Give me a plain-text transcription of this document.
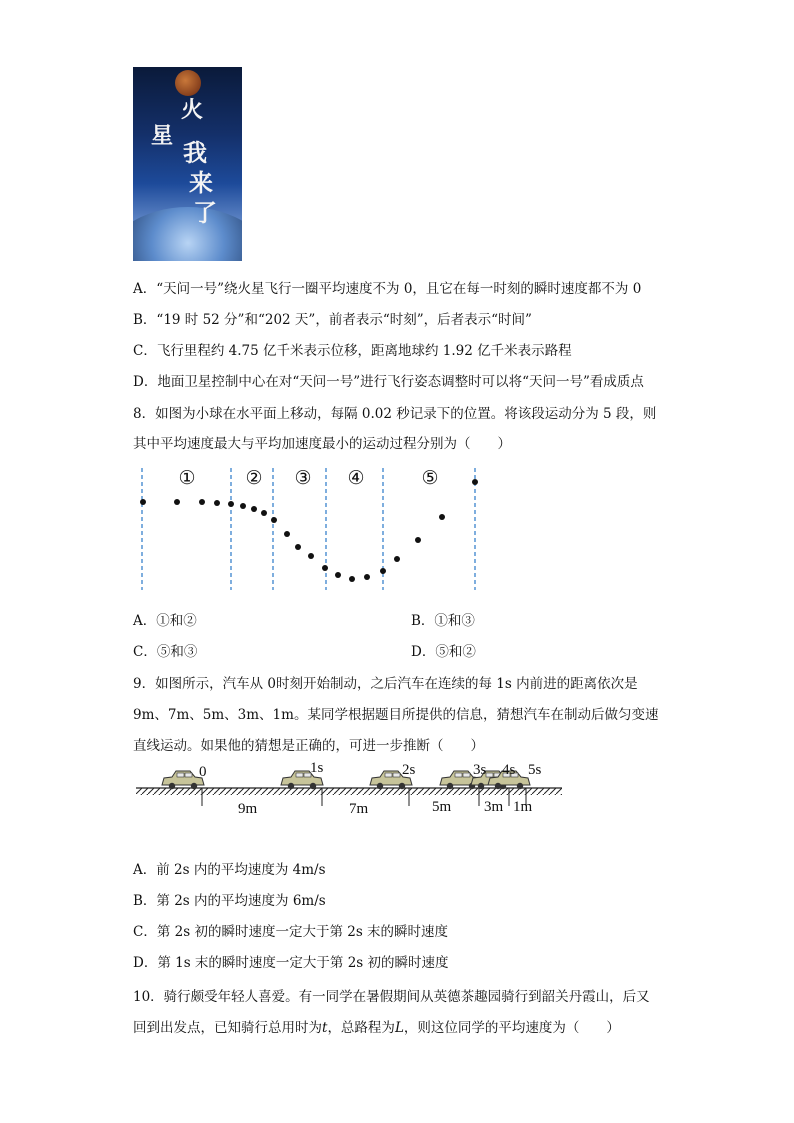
火
星
我
来
了
A．“天问一号”绕火星飞行一圈平均速度不为 0，且它在每一时刻的瞬时速度都不为 0
B．“19 时 52 分”和“202 天”，前者表示“时刻”，后者表示“时间”
C．飞行里程约 4.75 亿千米表示位移，距离地球约 1.92 亿千米表示路程
D．地面卫星控制中心在对“天问一号”进行飞行姿态调整时可以将“天问一号”看成质点
8．如图为小球在水平面上移动，每隔 0.02 秒记录下的位置。将该段运动分为 5 段，则
其中平均速度最大与平均加速度最小的运动过程分别为（　　）
①	② ③ ④	⑤
A．①和②	B．①和③
C．⑤和③	D．⑤和②
9．如图所示，汽车从 0时刻开始制动，之后汽车在连续的每 1s 内前进的距离依次是
9m、7m、5m、3m、1m。某同学根据题目所提供的信息，猜想汽车在制动后做匀变速
直线运动。如果他的猜想是正确的，可进一步推断（　　）
0	1s	2s	3s 4s 5s
9m	7m	5m 3m 1m
A．前 2s 内的平均速度为 4m/s
B．第 2s 内的平均速度为 6m/s
C．第 2s 初的瞬时速度一定大于第 2s 末的瞬时速度
D．第 1s 末的瞬时速度一定大于第 2s 初的瞬时速度
10．骑行颇受年轻人喜爱。有一同学在暑假期间从英德茶趣园骑行到韶关丹霞山，后又
回到出发点，已知骑行总用时为t，总路程为L，则这位同学的平均速度为（　　）
